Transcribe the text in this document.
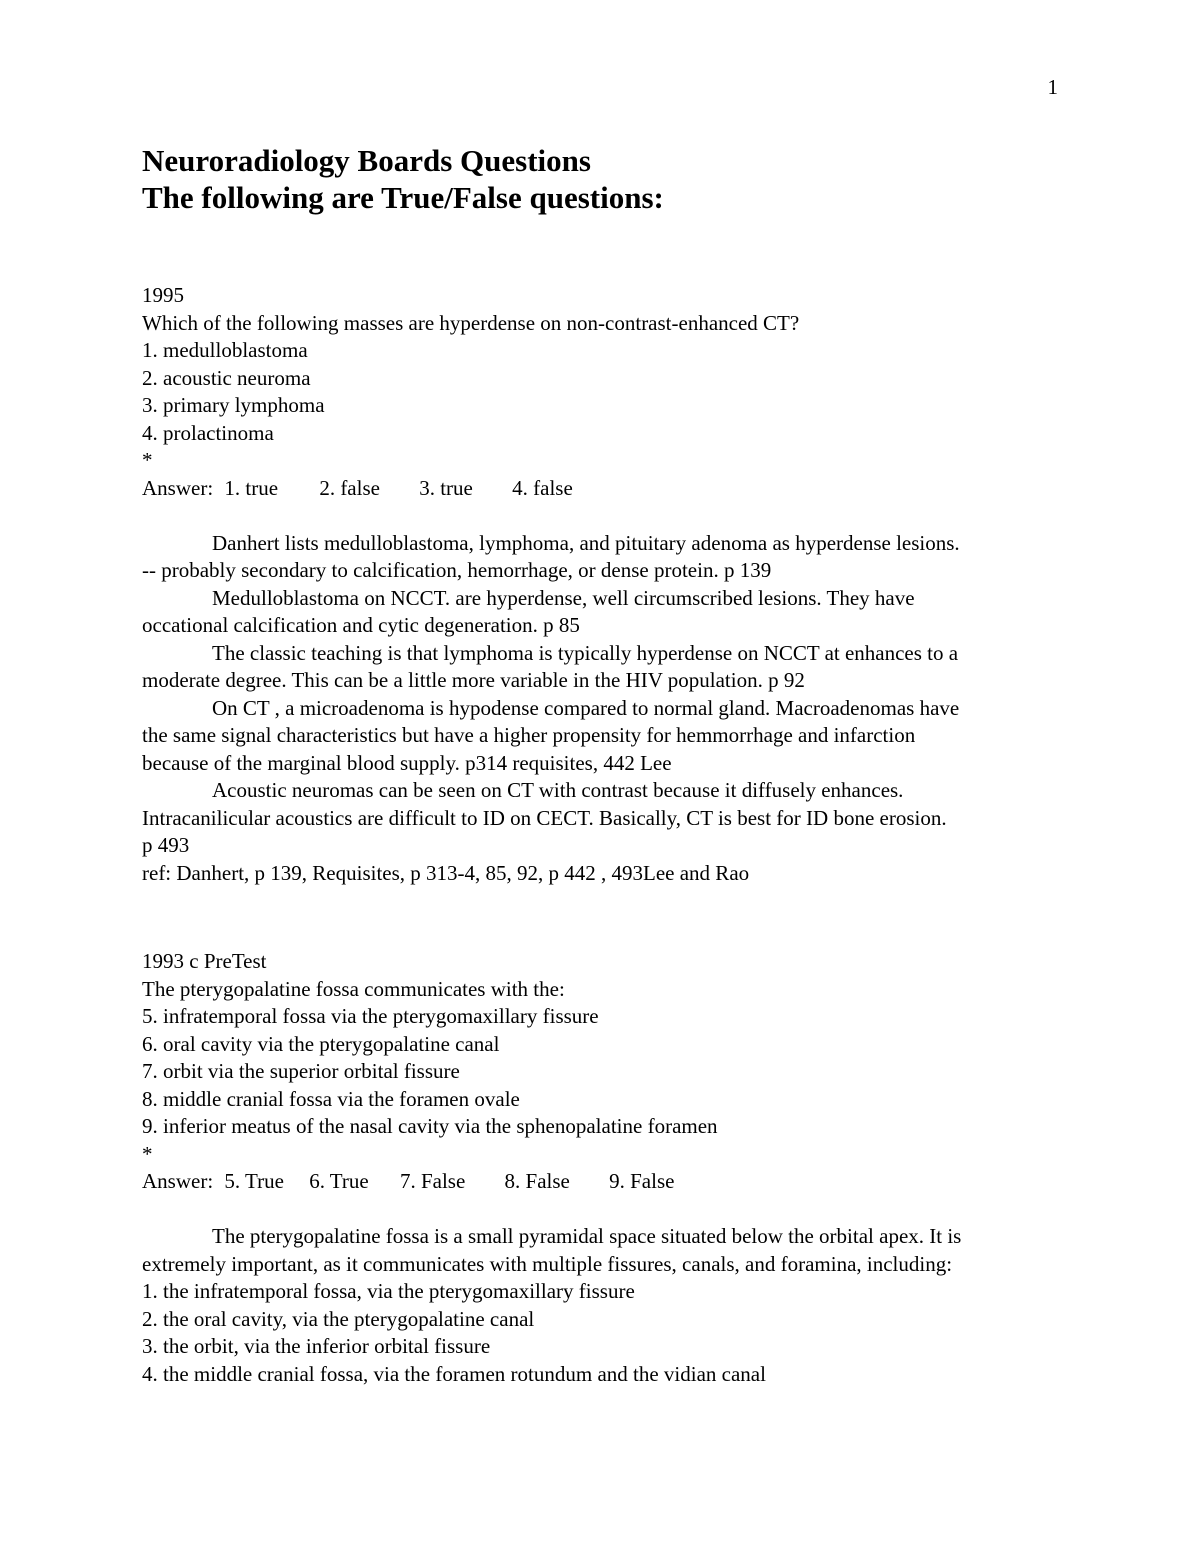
1
Neuroradiology Boards Questions
The following are True/False questions:
1995
Which of the following masses are hyperdense on non-contrast-enhanced CT?
1. medulloblastoma
2. acoustic neuroma
3. primary lymphoma
4. prolactinoma
*
Answer: 1. true 2. false 3. true 4. false
Danhert lists medulloblastoma, lymphoma, and pituitary adenoma as hyperdense lesions.
-- probably secondary to calcification, hemorrhage, or dense protein. p 139
Medulloblastoma on NCCT. are hyperdense, well circumscribed lesions. They have
occational calcification and cytic degeneration. p 85
The classic teaching is that lymphoma is typically hyperdense on NCCT at enhances to a
moderate degree. This can be a little more variable in the HIV population. p 92
On CT , a microadenoma is hypodense compared to normal gland. Macroadenomas have
the same signal characteristics but have a higher propensity for hemmorrhage and infarction
because of the marginal blood supply. p314 requisites, 442 Lee
Acoustic neuromas can be seen on CT with contrast because it diffusely enhances.
Intracanilicular acoustics are difficult to ID on CECT. Basically, CT is best for ID bone erosion.
p 493
ref: Danhert, p 139, Requisites, p 313-4, 85, 92, p 442 , 493Lee and Rao
1993 c PreTest
The pterygopalatine fossa communicates with the:
5. infratemporal fossa via the pterygomaxillary fissure
6. oral cavity via the pterygopalatine canal
7. orbit via the superior orbital fissure
8. middle cranial fossa via the foramen ovale
9. inferior meatus of the nasal cavity via the sphenopalatine foramen
*
Answer: 5. True 6. True 7. False 8. False 9. False
The pterygopalatine fossa is a small pyramidal space situated below the orbital apex. It is
extremely important, as it communicates with multiple fissures, canals, and foramina, including:
1. the infratemporal fossa, via the pterygomaxillary fissure
2. the oral cavity, via the pterygopalatine canal
3. the orbit, via the inferior orbital fissure
4. the middle cranial fossa, via the foramen rotundum and the vidian canal
